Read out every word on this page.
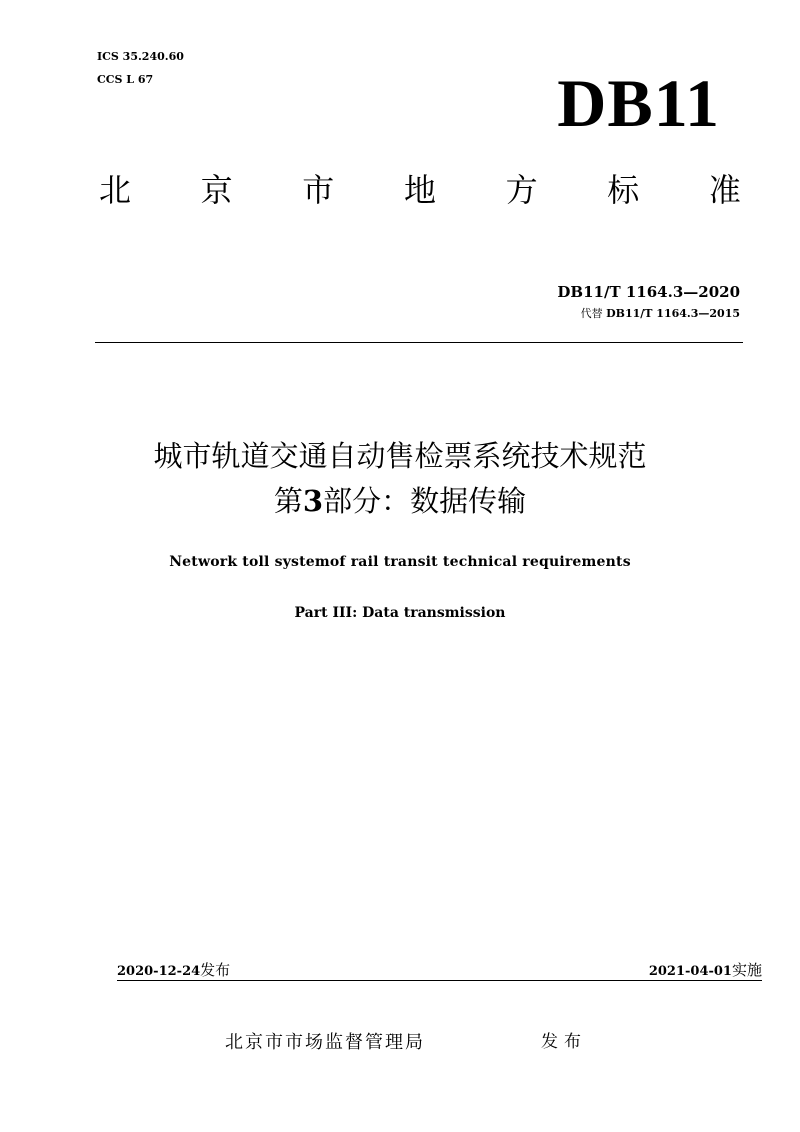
ICS 35.240.60
CCS L 67	DB11
北 京 市 地 方 标 准
DB11/T 1164.3—2020
代替 DB11/T 1164.3—2015
城市轨道交通自动售检票系统技术规范
第3部分：数据传输
Network toll systemof rail transit technical requirements
Part III: Data transmission
2020-12-24发布	2021-04-01实施
北京市市场监督管理局	发布
